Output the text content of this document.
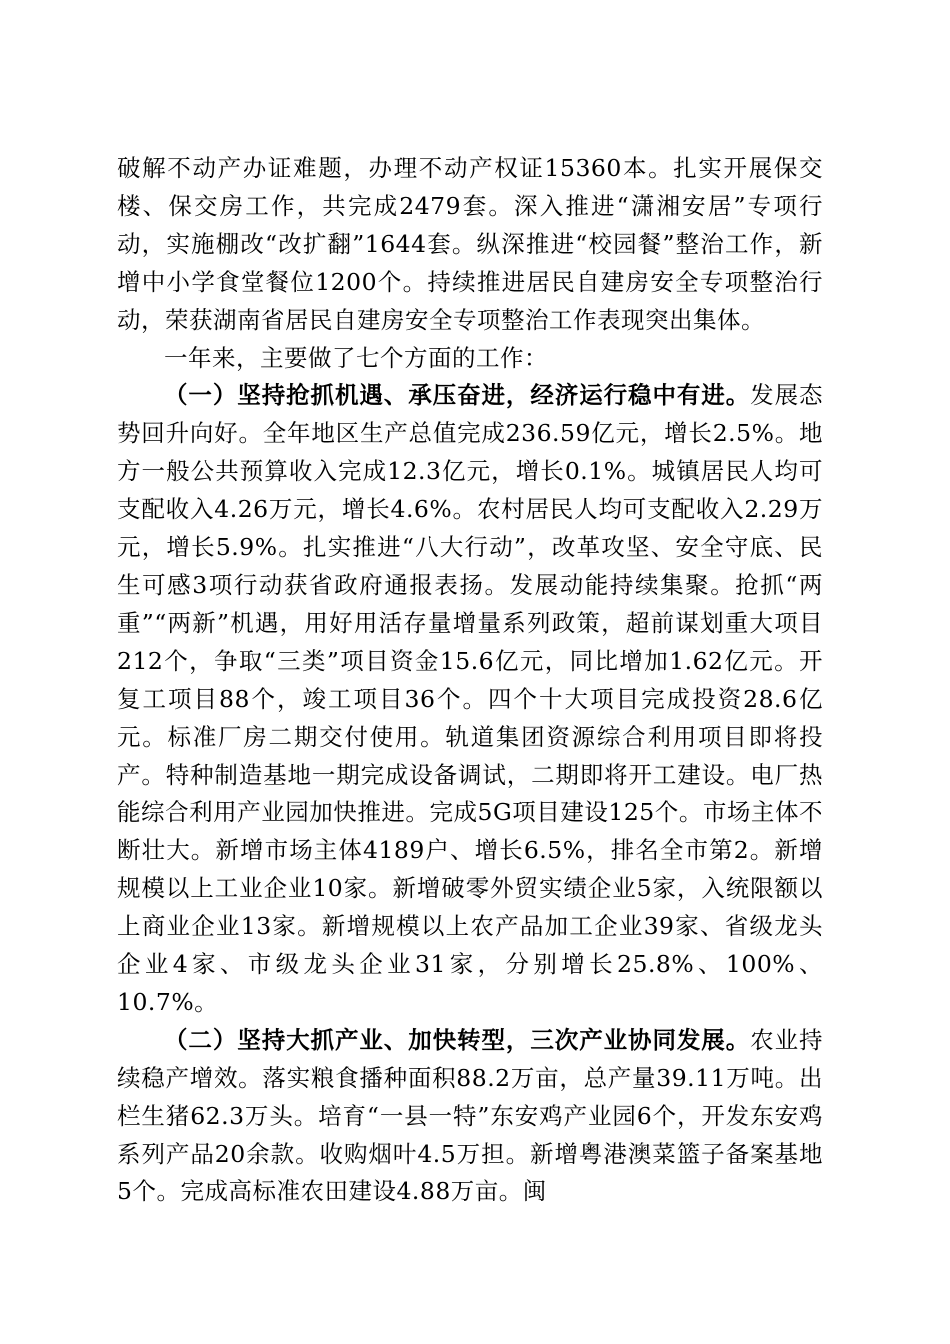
破解不动产办证难题，办理不动产权证15360本。扎实开展保交楼、保交房工作，共完成2479套。深入推进“潇湘安居”专项行动，实施棚改“改扩翻”1644套。纵深推进“校园餐”整治工作，新增中小学食堂餐位1200个。持续推进居民自建房安全专项整治行动，荣获湖南省居民自建房安全专项整治工作表现突出集体。

一年来，主要做了七个方面的工作：

（一）坚持抢抓机遇、承压奋进，经济运行稳中有进。发展态势回升向好。全年地区生产总值完成236.59亿元，增长2.5%。地方一般公共预算收入完成12.3亿元，增长0.1%。城镇居民人均可支配收入4.26万元，增长4.6%。农村居民人均可支配收入2.29万元，增长5.9%。扎实推进“八大行动”，改革攻坚、安全守底、民生可感3项行动获省政府通报表扬。发展动能持续集聚。抢抓“两重”“两新”机遇，用好用活存量增量系列政策，超前谋划重大项目212个，争取“三类”项目资金15.6亿元，同比增加1.62亿元。开复工项目88个，竣工项目36个。四个十大项目完成投资28.6亿元。标准厂房二期交付使用。轨道集团资源综合利用项目即将投产。特种制造基地一期完成设备调试，二期即将开工建设。电厂热能综合利用产业园加快推进。完成5G项目建设125个。市场主体不断壮大。新增市场主体4189户、增长6.5%，排名全市第2。新增规模以上工业企业10家。新增破零外贸实绩企业5家，入统限额以上商业企业13家。新增规模以上农产品加工企业39家、省级龙头企业4家、市级龙头企业31家，分别增长25.8%、100%、10.7%。

（二）坚持大抓产业、加快转型，三次产业协同发展。农业持续稳产增效。落实粮食播种面积88.2万亩，总产量39.11万吨。出栏生猪62.3万头。培育“一县一特”东安鸡产业园6个，开发东安鸡系列产品20余款。收购烟叶4.5万担。新增粤港澳菜篮子备案基地5个。完成高标准农田建设4.88万亩。闽
